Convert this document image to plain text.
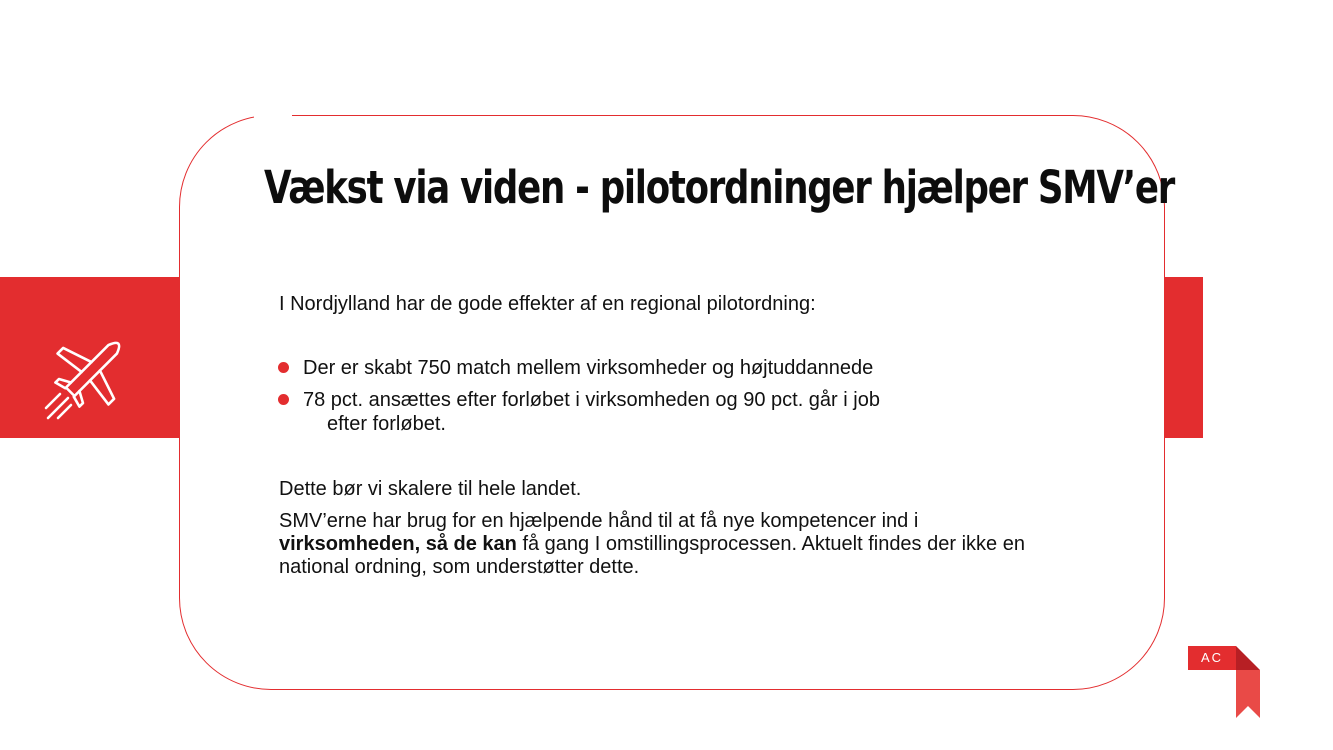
Vækst via viden - pilotordninger hjælper SMV’er

I Nordjylland har de gode effekter af en regional pilotordning:

Der er skabt 750 match mellem virksomheder og højtuddannede
78 pct. ansættes efter forløbet i virksomheden og 90 pct. går i job
efter forløbet.

Dette bør vi skalere til hele landet.

SMV’erne har brug for en hjælpende hånd til at få nye kompetencer ind i virksomheden, så de kan få gang I omstillingsprocessen. Aktuelt findes der ikke en national ordning, som understøtter dette.

AC
